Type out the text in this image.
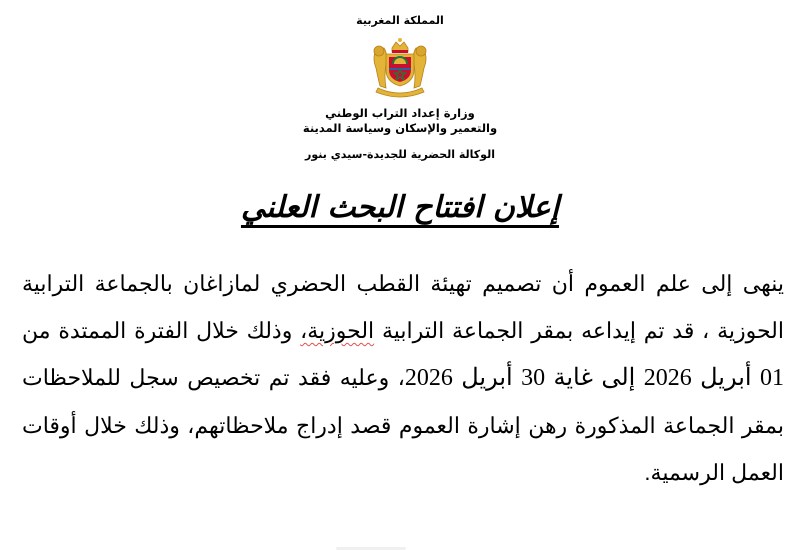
المملكة المغربية
وزارة إعداد التراب الوطني
والتعمير والإسكان وسياسة المدينة
الوكالة الحضرية للجديدة-سيدي بنور
إعلان افتتاح البحث العلني
ينهى إلى علم العموم أن تصميم تهيئة القطب الحضري لمازاغان بالجماعة الترابية
الحوزية ، قد تم إيداعه بمقر الجماعة الترابية الحوزية، وذلك خلال الفترة الممتدة من
01 أبريل 2026 إلى غاية 30 أبريل 2026، وعليه فقد تم تخصيص سجل للملاحظات
بمقر الجماعة المذكورة رهن إشارة العموم قصد إدراج ملاحظاتهم، وذلك خلال أوقات
العمل الرسمية.
